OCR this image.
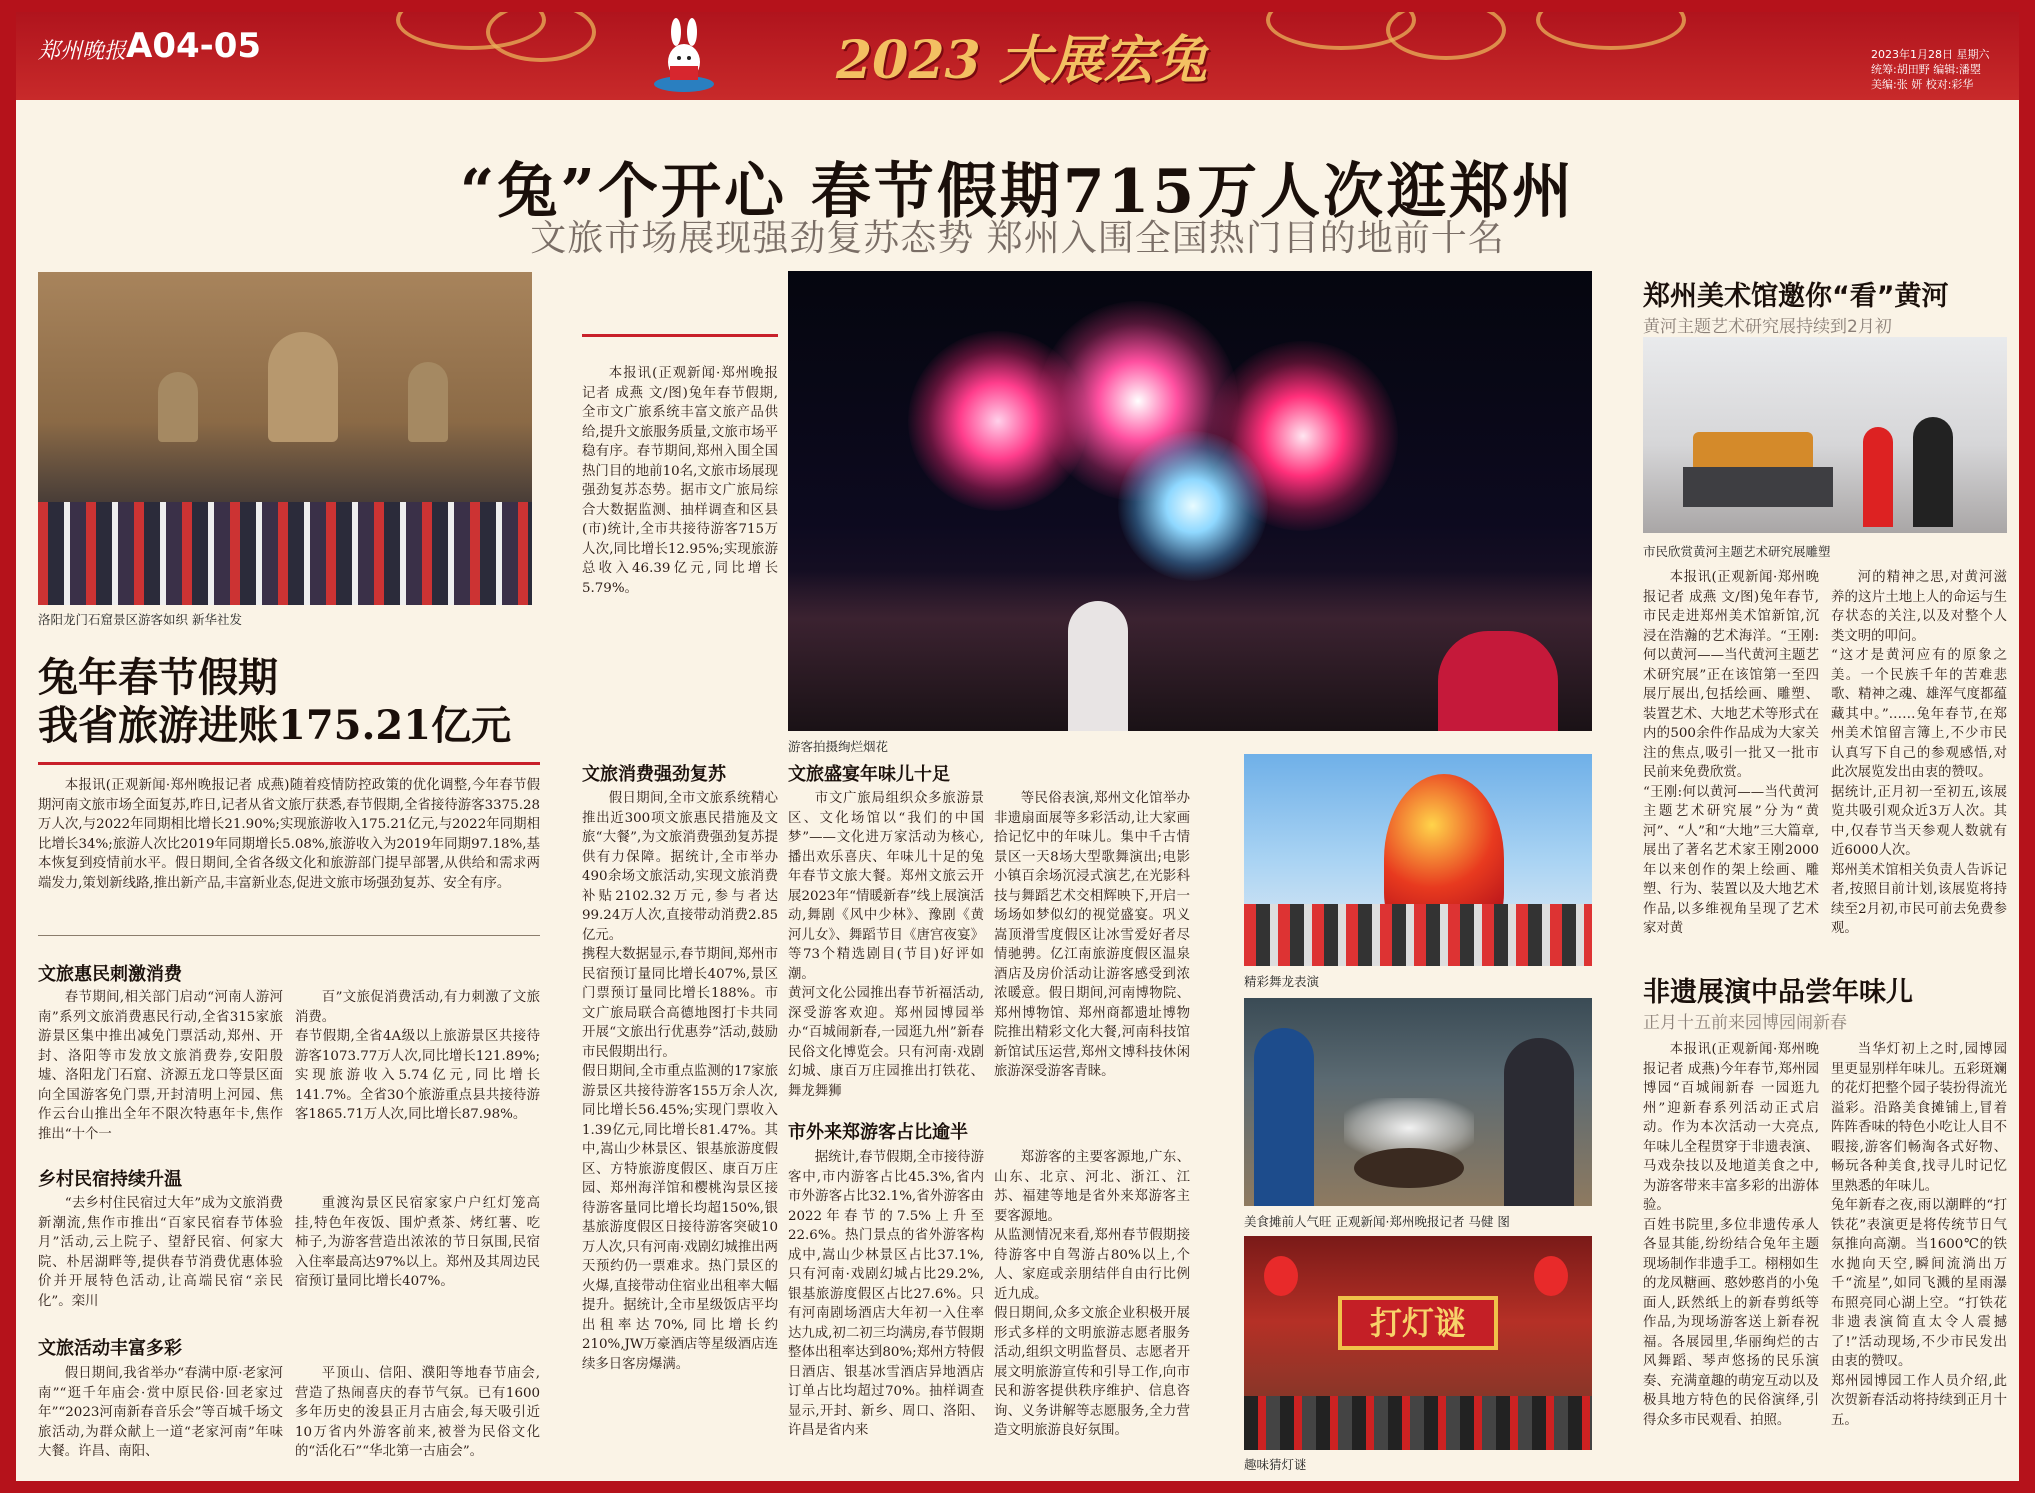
郑州晚报 A04-05	2023 大展宏兔	2023年1月28日 星期六
统筹:胡田野 编辑:潘曌
美编:张 妍 校对:彩华
“兔”个开心 春节假期715万人次逛郑州
文旅市场展现强劲复苏态势 郑州入围全国热门目的地前十名
洛阳龙门石窟景区游客如织 新华社发
兔年春节假期
我省旅游进账175.21亿元

本报讯(正观新闻·郑州晚报记者 成燕)随着疫情防控政策的优化调整,今年春节假期河南文旅市场全面复苏,昨日,记者从省文旅厅获悉,春节假期,全省接待游客3375.28万人次,与2022年同期相比增长21.90%;实现旅游收入175.21亿元,与2022年同期相比增长34%;旅游人次比2019年同期增长5.08%,旅游收入为2019年同期97.18%,基本恢复到疫情前水平。假日期间,全省各级文化和旅游部门提早部署,从供给和需求两端发力,策划新线路,推出新产品,丰富新业态,促进文旅市场强劲复苏、安全有序。

文旅惠民刺激消费

春节期间,相关部门启动“河南人游河南”系列文旅消费惠民行动,全省315家旅游景区集中推出减免门票活动,郑州、开封、洛阳等市发放文旅消费券,安阳殷墟、洛阳龙门石窟、济源五龙口等景区面向全国游客免门票,开封清明上河园、焦作云台山推出全年不限次特惠年卡,焦作推出“十个一

百”文旅促消费活动,有力刺激了文旅消费。
春节假期,全省4A级以上旅游景区共接待游客1073.77万人次,同比增长121.89%;实现旅游收入5.74亿元,同比增长141.7%。全省30个旅游重点县共接待游客1865.71万人次,同比增长87.98%。

乡村民宿持续升温

“去乡村住民宿过大年”成为文旅消费新潮流,焦作市推出“百家民宿春节体验月”活动,云上院子、望舒民宿、何家大院、朴居湖畔等,提供春节消费优惠体验价并开展特色活动,让高端民宿“亲民化”。栾川

重渡沟景区民宿家家户户红灯笼高挂,特色年夜饭、围炉煮茶、烤红薯、吃柿子,为游客营造出浓浓的节日氛围,民宿入住率最高达97%以上。郑州及其周边民宿预订量同比增长407%。

文旅活动丰富多彩

假日期间,我省举办“春满中原·老家河南”“逛千年庙会·赏中原民俗·回老家过年”“2023河南新春音乐会”等百城千场文旅活动,为群众献上一道“老家河南”年味大餐。许昌、南阳、

平顶山、信阳、濮阳等地春节庙会,营造了热闹喜庆的春节气氛。已有1600多年历史的浚县正月古庙会,每天吸引近10万省内外游客前来,被誉为民俗文化的“活化石”“华北第一古庙会”。

本报讯(正观新闻·郑州晚报记者 成燕 文/图)兔年春节假期,全市文广旅系统丰富文旅产品供给,提升文旅服务质量,文旅市场平稳有序。春节期间,郑州入围全国热门目的地前10名,文旅市场展现强劲复苏态势。据市文广旅局综合大数据监测、抽样调查和区县(市)统计,全市共接待游客715万人次,同比增长12.95%;实现旅游总收入46.39亿元,同比增长5.79%。

游客拍摄绚烂烟花
文旅消费强劲复苏

假日期间,全市文旅系统精心推出近300项文旅惠民措施及文旅“大餐”,为文旅消费强劲复苏提供有力保障。据统计,全市举办490余场文旅活动,实现文旅消费补贴2102.32万元,参与者达99.24万人次,直接带动消费2.85亿元。
携程大数据显示,春节期间,郑州市民宿预订量同比增长407%,景区门票预订量同比增长188%。市文广旅局联合高德地图打卡共同开展“文旅出行优惠券”活动,鼓励市民假期出行。
假日期间,全市重点监测的17家旅游景区共接待游客155万余人次,同比增长56.45%;实现门票收入1.39亿元,同比增长81.47%。其中,嵩山少林景区、银基旅游度假区、方特旅游度假区、康百万庄园、郑州海洋馆和樱桃沟景区接待游客量同比增长均超150%,银基旅游度假区日接待游客突破10万人次,只有河南·戏剧幻城推出两天预约仍一票难求。热门景区的火爆,直接带动住宿业出租率大幅提升。据统计,全市星级饭店平均出租率达70%,同比增长约210%,JW万豪酒店等星级酒店连续多日客房爆满。

文旅盛宴年味儿十足

市文广旅局组织众多旅游景区、文化场馆以“我们的中国梦”——文化进万家活动为核心,播出欢乐喜庆、年味儿十足的兔年春节文旅大餐。郑州文旅云开展2023年“情暖新春”线上展演活动,舞剧《风中少林》、豫剧《黄河儿女》、舞蹈节目《唐宫夜宴》等73个精选剧目(节目)好评如潮。
黄河文化公园推出春节祈福活动,深受游客欢迎。郑州园博园举办“百城闹新春,一园逛九州”新春民俗文化博览会。只有河南·戏剧幻城、康百万庄园推出打铁花、舞龙舞狮

等民俗表演,郑州文化馆举办非遗扇面展等多彩活动,让大家画拾记忆中的年味儿。集中千古情景区一天8场大型歌舞演出;电影小镇百余场沉浸式演艺,在光影科技与舞蹈艺术交相辉映下,开启一场场如梦似幻的视觉盛宴。巩义嵩顶滑雪度假区让冰雪爱好者尽情驰骋。亿江南旅游度假区温泉酒店及房价活动让游客感受到浓浓暖意。假日期间,河南博物院、郑州博物馆、郑州商都遗址博物院推出精彩文化大餐,河南科技馆新馆试压运营,郑州文博科技休闲旅游深受游客青睐。

市外来郑游客占比逾半

据统计,春节假期,全市接待游客中,市内游客占比45.3%,省内市外游客占比32.1%,省外游客由2022年春节的7.5%上升至22.6%。热门景点的省外游客构成中,嵩山少林景区占比37.1%,只有河南·戏剧幻城占比29.2%,银基旅游度假区占比27.6%。只有河南剧场酒店大年初一入住率达九成,初二初三均满房,春节假期整体出租率达到80%;郑州方特假日酒店、银基冰雪酒店异地酒店订单占比均超过70%。抽样调查显示,开封、新乡、周口、洛阳、许昌是省内来

郑游客的主要客源地,广东、山东、北京、河北、浙江、江苏、福建等地是省外来郑游客主要客源地。
从监测情况来看,郑州春节假期接待游客中自驾游占80%以上,个人、家庭或亲朋结伴自由行比例近九成。
假日期间,众多文旅企业积极开展形式多样的文明旅游志愿者服务活动,组织文明监督员、志愿者开展文明旅游宣传和引导工作,向市民和游客提供秩序维护、信息咨询、义务讲解等志愿服务,全力营造文明旅游良好氛围。

精彩舞龙表演
美食摊前人气旺 正观新闻·郑州晚报记者 马健 图
打灯谜
趣味猜灯谜
郑州美术馆邀你“看”黄河
黄河主题艺术研究展持续到2月初
市民欣赏黄河主题艺术研究展雕塑

本报讯(正观新闻·郑州晚报记者 成燕 文/图)兔年春节,市民走进郑州美术馆新馆,沉浸在浩瀚的艺术海洋。“王刚:何以黄河——当代黄河主题艺术研究展”正在该馆第一至四展厅展出,包括绘画、雕塑、装置艺术、大地艺术等形式在内的500余件作品成为大家关注的焦点,吸引一批又一批市民前来免费欣赏。
“王刚:何以黄河——当代黄河主题艺术研究展”分为“黄河”、“人”和“大地”三大篇章,展出了著名艺术家王刚2000年以来创作的架上绘画、雕塑、行为、装置以及大地艺术作品,以多维视角呈现了艺术家对黄

河的精神之思,对黄河滋养的这片土地上人的命运与生存状态的关注,以及对整个人类文明的叩问。
“这才是黄河应有的原象之美。一个民族千年的苦难悲歌、精神之魂、雄浑气度都蕴藏其中。”……兔年春节,在郑州美术馆留言簿上,不少市民认真写下自己的参观感悟,对此次展览发出由衷的赞叹。
据统计,正月初一至初五,该展览共吸引观众近3万人次。其中,仅春节当天参观人数就有近6000人次。
郑州美术馆相关负责人告诉记者,按照目前计划,该展览将持续至2月初,市民可前去免费参观。

非遗展演中品尝年味儿
正月十五前来园博园闹新春

本报讯(正观新闻·郑州晚报记者 成燕)今年春节,郑州园博园“百城闹新春 一园逛九州”迎新春系列活动正式启动。作为本次活动一大亮点,年味儿全程贯穿于非遗表演、马戏杂技以及地道美食之中,为游客带来丰富多彩的出游体验。
百姓书院里,多位非遗传承人各显其能,纷纷结合兔年主题现场制作非遗手工。栩栩如生的龙凤糖画、憨妙憨肖的小兔面人,跃然纸上的新春剪纸等作品,为现场游客送上新春祝福。各展园里,华丽绚烂的古风舞蹈、琴声悠扬的民乐演奏、充满童趣的萌宠互动以及极具地方特色的民俗演绎,引得众多市民观看、拍照。

当华灯初上之时,园博园里更显别样年味儿。五彩斑斓的花灯把整个园子装扮得流光溢彩。沿路美食摊铺上,冒着阵阵香味的特色小吃让人目不暇接,游客们畅淘各式好物、畅玩各种美食,找寻儿时记忆里熟悉的年味儿。
兔年新春之夜,雨以潮畔的“打铁花”表演更是将传统节日气氛推向高潮。当1600℃的铁水抛向天空,瞬间流淌出万千“流星”,如同飞溅的星雨瀑布照亮同心湖上空。“打铁花非遗表演简直太令人震撼了!”活动现场,不少市民发出由衷的赞叹。
郑州园博园工作人员介绍,此次贺新春活动将持续到正月十五。
